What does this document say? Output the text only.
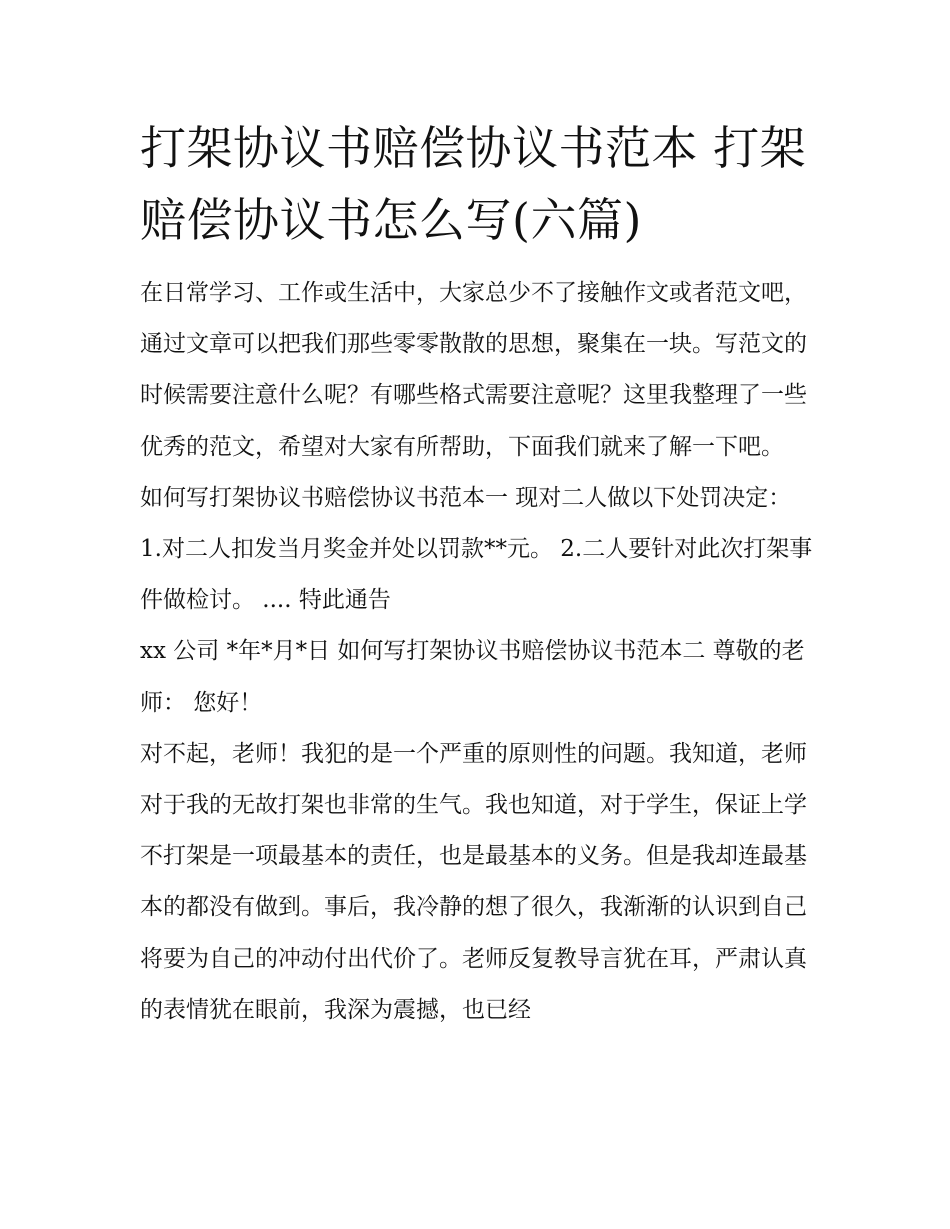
打架协议书赔偿协议书范本 打架赔偿协议书怎么写(六篇)

在日常学习、工作或生活中，大家总少不了接触作文或者范文吧，通过文章可以把我们那些零零散散的思想，聚集在一块。写范文的时候需要注意什么呢？有哪些格式需要注意呢？这里我整理了一些优秀的范文，希望对大家有所帮助，下面我们就来了解一下吧。

如何写打架协议书赔偿协议书范本一 现对二人做以下处罚决定： 1.对二人扣发当月奖金并处以罚款**元。 2.二人要针对此次打架事件做检讨。 .... 特此通告

xx 公司 *年*月*日 如何写打架协议书赔偿协议书范本二 尊敬的老师： 您好！

对不起，老师！我犯的是一个严重的原则性的问题。我知道，老师对于我的无故打架也非常的生气。我也知道，对于学生，保证上学不打架是一项最基本的责任，也是最基本的义务。但是我却连最基本的都没有做到。事后，我冷静的想了很久，我渐渐的认识到自己将要为自己的冲动付出代价了。老师反复教导言犹在耳，严肃认真的表情犹在眼前，我深为震撼，也已经
